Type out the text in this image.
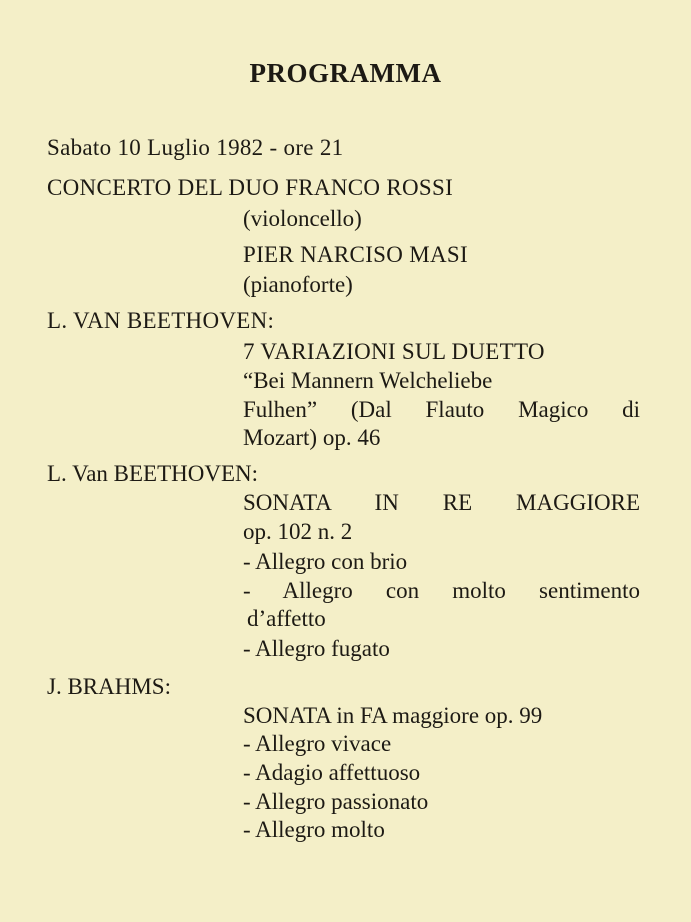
PROGRAMMA
Sabato 10 Luglio 1982 - ore 21
CONCERTO DEL DUO FRANCO ROSSI
(violoncello)
PIER NARCISO MASI
(pianoforte)
L. VAN BEETHOVEN:
7 VARIAZIONI SUL DUETTO
“Bei Mannern Welcheliebe
Fulhen” (Dal Flauto Magico di
Mozart) op. 46
L. Van BEETHOVEN:
SONATA IN RE MAGGIORE
op. 102 n. 2
- Allegro con brio
- Allegro con molto sentimento
d’affetto
- Allegro fugato
J. BRAHMS:
SONATA in FA maggiore op. 99
- Allegro vivace
- Adagio affettuoso
- Allegro passionato
- Allegro molto
